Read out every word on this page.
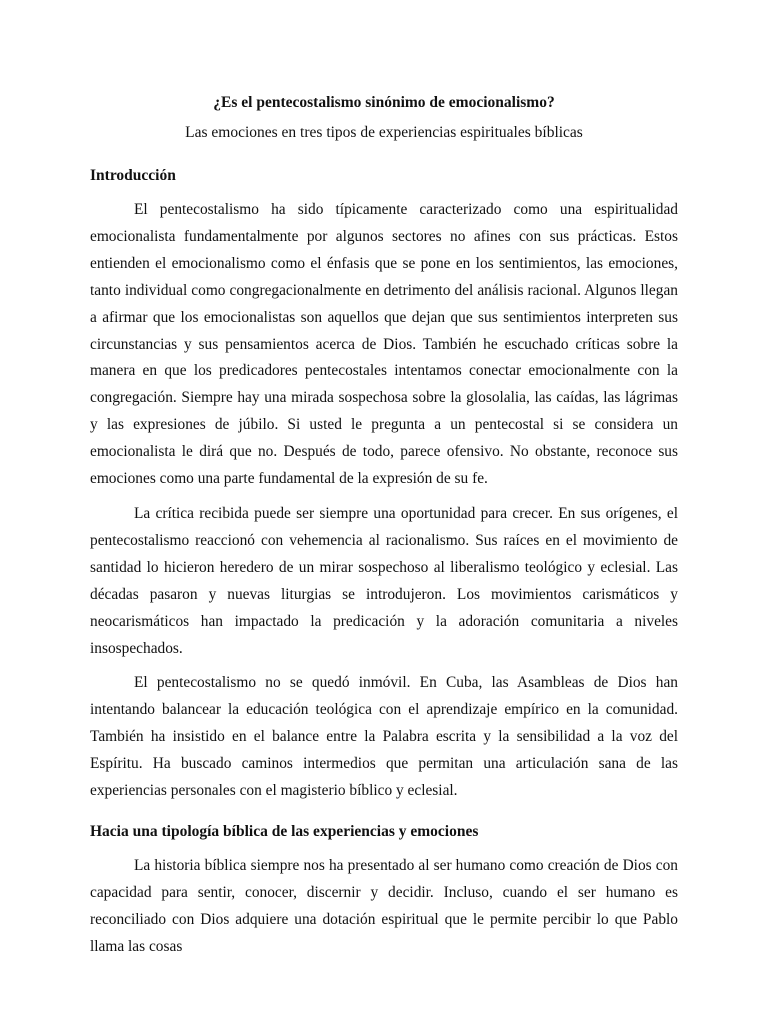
¿Es el pentecostalismo sinónimo de emocionalismo?

Las emociones en tres tipos de experiencias espirituales bíblicas

Introducción

El pentecostalismo ha sido típicamente caracterizado como una espiritualidad emocionalista fundamentalmente por algunos sectores no afines con sus prácticas. Estos entienden el emocionalismo como el énfasis que se pone en los sentimientos, las emociones, tanto individual como congregacionalmente en detrimento del análisis racional. Algunos llegan a afirmar que los emocionalistas son aquellos que dejan que sus sentimientos interpreten sus circunstancias y sus pensamientos acerca de Dios. También he escuchado críticas sobre la manera en que los predicadores pentecostales intentamos conectar emocionalmente con la congregación. Siempre hay una mirada sospechosa sobre la glosolalia, las caídas, las lágrimas y las expresiones de júbilo. Si usted le pregunta a un pentecostal si se considera un emocionalista le dirá que no. Después de todo, parece ofensivo. No obstante, reconoce sus emociones como una parte fundamental de la expresión de su fe.

La crítica recibida puede ser siempre una oportunidad para crecer. En sus orígenes, el pentecostalismo reaccionó con vehemencia al racionalismo. Sus raíces en el movimiento de santidad lo hicieron heredero de un mirar sospechoso al liberalismo teológico y eclesial. Las décadas pasaron y nuevas liturgias se introdujeron. Los movimientos carismáticos y neocarismáticos han impactado la predicación y la adoración comunitaria a niveles insospechados.

El pentecostalismo no se quedó inmóvil. En Cuba, las Asambleas de Dios han intentando balancear la educación teológica con el aprendizaje empírico en la comunidad. También ha insistido en el balance entre la Palabra escrita y la sensibilidad a la voz del Espíritu. Ha buscado caminos intermedios que permitan una articulación sana de las experiencias personales con el magisterio bíblico y eclesial.

Hacia una tipología bíblica de las experiencias y emociones

La historia bíblica siempre nos ha presentado al ser humano como creación de Dios con capacidad para sentir, conocer, discernir y decidir. Incluso, cuando el ser humano es reconciliado con Dios adquiere una dotación espiritual que le permite percibir lo que Pablo llama las cosas
